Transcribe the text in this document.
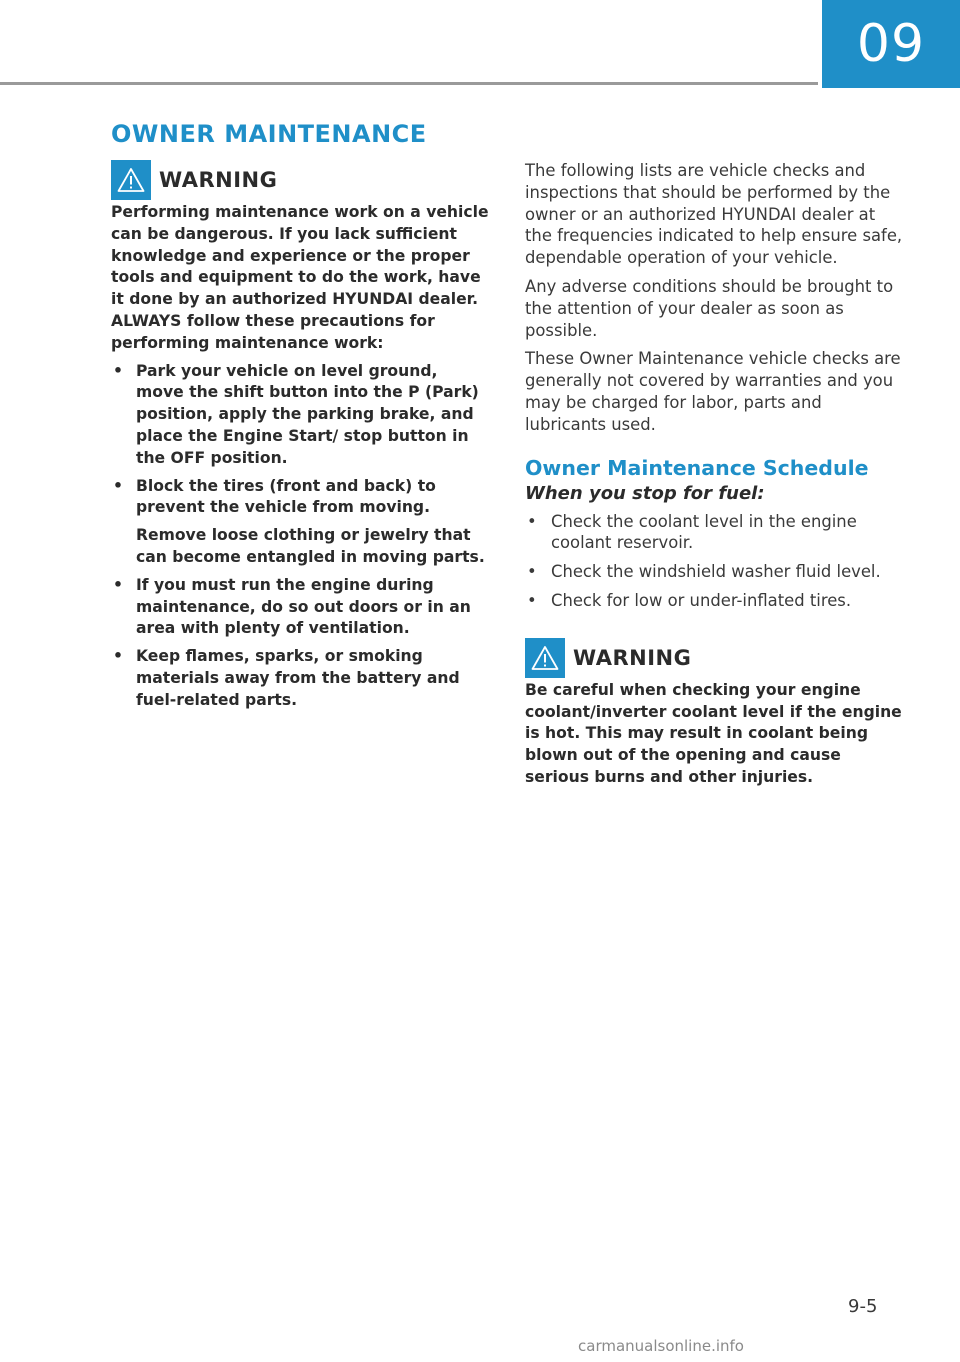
09
OWNER MAINTENANCE
WARNING

Performing maintenance work on a vehicle can be dangerous. If you lack sufficient knowledge and experience or the proper tools and equipment to do the work, have it done by an authorized HYUNDAI dealer. ALWAYS follow these precautions for performing maintenance work:

• Park your vehicle on level ground, move the shift button into the P (Park) position, apply the parking brake, and place the Engine Start/ stop button in the OFF position.
• Block the tires (front and back) to prevent the vehicle from moving.
Remove loose clothing or jewelry that can become entangled in moving parts.
• If you must run the engine during maintenance, do so out doors or in an area with plenty of ventilation.
• Keep flames, sparks, or smoking materials away from the battery and fuel-related parts.

The following lists are vehicle checks and inspections that should be performed by the owner or an authorized HYUNDAI dealer at the frequencies indicated to help ensure safe, dependable operation of your vehicle.

Any adverse conditions should be brought to the attention of your dealer as soon as possible.

These Owner Maintenance vehicle checks are generally not covered by warranties and you may be charged for labor, parts and lubricants used.

Owner Maintenance Schedule
When you stop for fuel:
• Check the coolant level in the engine coolant reservoir.
• Check the windshield washer fluid level.
• Check for low or under-inflated tires.
WARNING

Be careful when checking your engine coolant/inverter coolant level if the engine is hot. This may result in coolant being blown out of the opening and cause serious burns and other injuries.

9-5
carmanualsonline.info
